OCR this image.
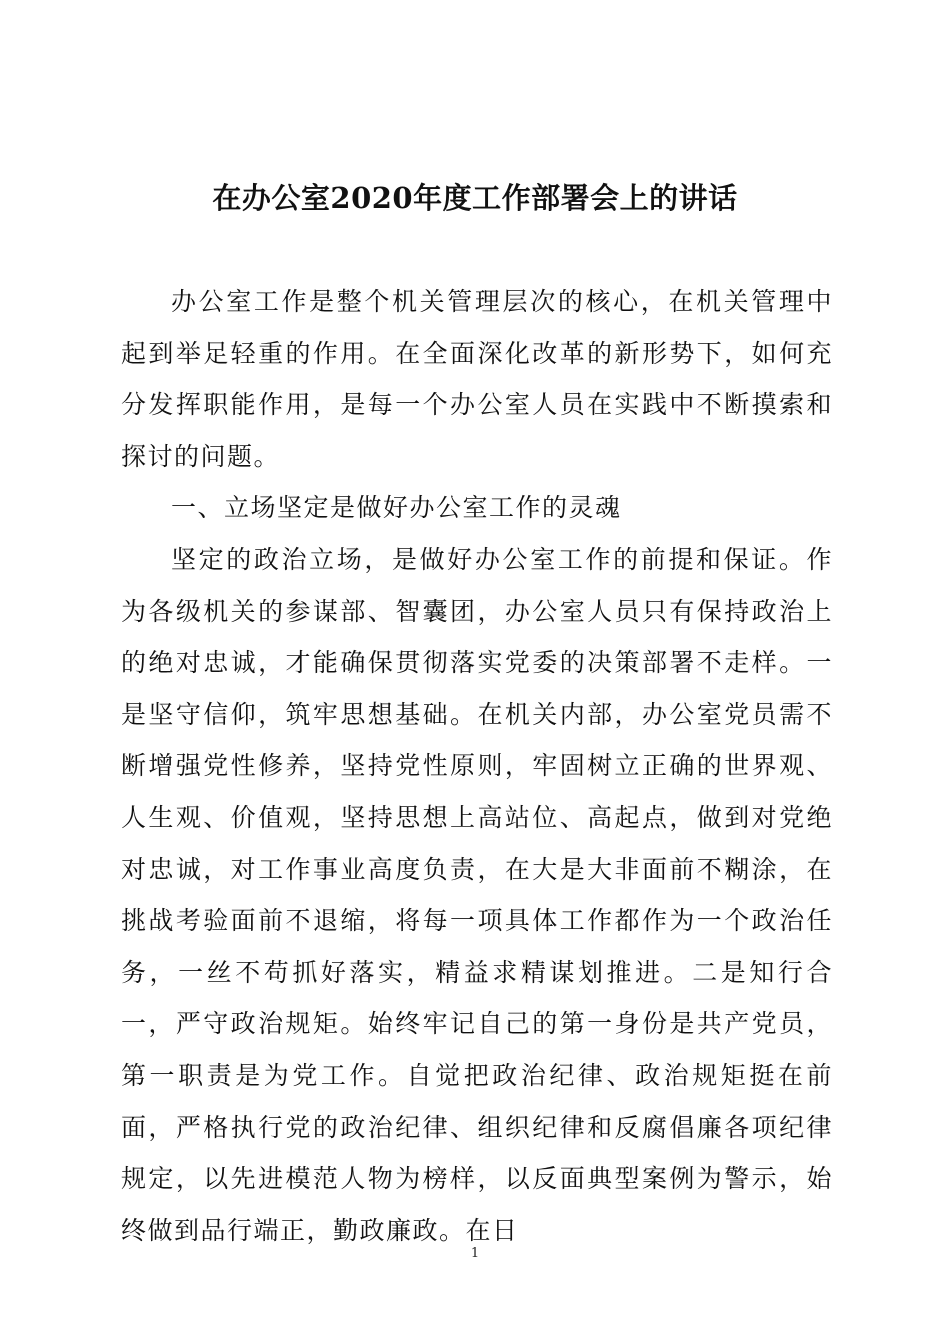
在办公室2020年度工作部署会上的讲话

办公室工作是整个机关管理层次的核心，在机关管理中起到举足轻重的作用。在全面深化改革的新形势下，如何充分发挥职能作用，是每一个办公室人员在实践中不断摸索和探讨的问题。

一、立场坚定是做好办公室工作的灵魂

坚定的政治立场，是做好办公室工作的前提和保证。作为各级机关的参谋部、智囊团，办公室人员只有保持政治上的绝对忠诚，才能确保贯彻落实党委的决策部署不走样。一是坚守信仰，筑牢思想基础。在机关内部，办公室党员需不断增强党性修养，坚持党性原则，牢固树立正确的世界观、人生观、价值观，坚持思想上高站位、高起点，做到对党绝对忠诚，对工作事业高度负责，在大是大非面前不糊涂，在挑战考验面前不退缩，将每一项具体工作都作为一个政治任务，一丝不苟抓好落实，精益求精谋划推进。二是知行合一，严守政治规矩。始终牢记自己的第一身份是共产党员，第一职责是为党工作。自觉把政治纪律、政治规矩挺在前面，严格执行党的政治纪律、组织纪律和反腐倡廉各项纪律规定，以先进模范人物为榜样，以反面典型案例为警示，始终做到品行端正，勤政廉政。在日

1
